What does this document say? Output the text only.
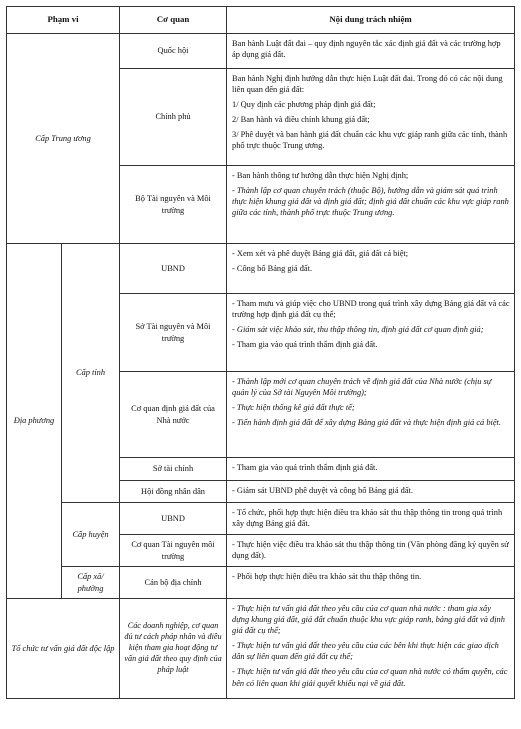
Phạm vi		Cơ quan	Nội dung trách nhiệm
Cấp Trung ương		Quốc hội	Ban hành Luật đất đai – quy định nguyên tắc xác định giá đất và các trường hợp áp dụng giá đất.

		Chính phủ	Ban hành Nghị định hướng dẫn thực hiện Luật đất đai. Trong đó có các nội dung liên quan đến giá đất:

1/ Quy định các phương pháp định giá đất;

2/ Ban hành và điều chỉnh khung giá đất;

3/ Phê duyệt và ban hành giá đất chuẩn các khu vực giáp ranh giữa các tỉnh, thành phố trực thuộc Trung ương.

		Bộ Tài nguyên và Môi trường	- Ban hành thông tư hướng dẫn thực hiện Nghị định;

- Thành lập cơ quan chuyên trách (thuộc Bộ), hướng dẫn và giám sát quá trình thực hiện khung giá đất và định giá đất; định giá đất chuẩn các khu vực giáp ranh giữa các tỉnh, thành phố trực thuộc Trung ương.

Địa phương	Cấp tỉnh	UBND	- Xem xét và phê duyệt Bảng giá đất, giá đất cá biệt;

- Công bố Bảng giá đất.

		Sở Tài nguyên và Môi trường	- Tham mưu và giúp việc cho UBND trong quá trình xây dựng Bảng giá đất và các trường hợp định giá đất cụ thể;

- Giám sát việc khảo sát, thu thập thông tin, định giá đất cơ quan định giá;

- Tham gia vào quá trình thẩm định giá đất.

		Cơ quan định giá đất của Nhà nước	- Thành lập mới cơ quan chuyên trách về định giá đất của Nhà nước (chịu sự quản lý của Sở tài Nguyên Môi trường);

- Thực hiện thống kê giá đất thực tế;

- Tiến hành định giá đất để xây dựng Bảng giá đất và thực hiện định giá cá biệt.

		Sở tài chính	- Tham gia vào quá trình thẩm định giá đất.

		Hội đồng nhân dân	- Giám sát UBND phê duyệt và công bố Bảng giá đất.

	Cấp huyện	UBND	- Tổ chức, phối hợp thực hiện điều tra khảo sát thu thập thông tin trong quá trình xây dựng Bảng giá đất.

		Cơ quan Tài nguyên môi trường	- Thực hiện việc điều tra khảo sát thu thập thông tin (Văn phòng đăng ký quyền sử dụng đất).

	Cấp xã/ phường	Cán bộ địa chính	- Phối hợp thực hiện điều tra khảo sát thu thập thông tin.

Tổ chức tư vấn giá đất độc lập		Các doanh nghiệp, cơ quan đủ tư cách pháp nhân và điều kiện tham gia hoạt động tư vấn giá đất theo quy định của pháp luật	- Thực hiện tư vấn giá đất theo yêu cầu của cơ quan nhà nước : tham gia xây dựng khung giá đất, giá đất chuẩn thuộc khu vực giáp ranh, bảng giá đất và định giá đất cụ thể;

- Thực hiện tư vấn giá đất theo yêu cầu của các bên khi thực hiện các giao dịch dân sự liên quan đến giá đất cụ thể;

- Thực hiện tư vấn giá đất theo yêu cầu của cơ quan nhà nước có thẩm quyền, các bên có liên quan khi giải quyết khiếu nại về giá đất.
